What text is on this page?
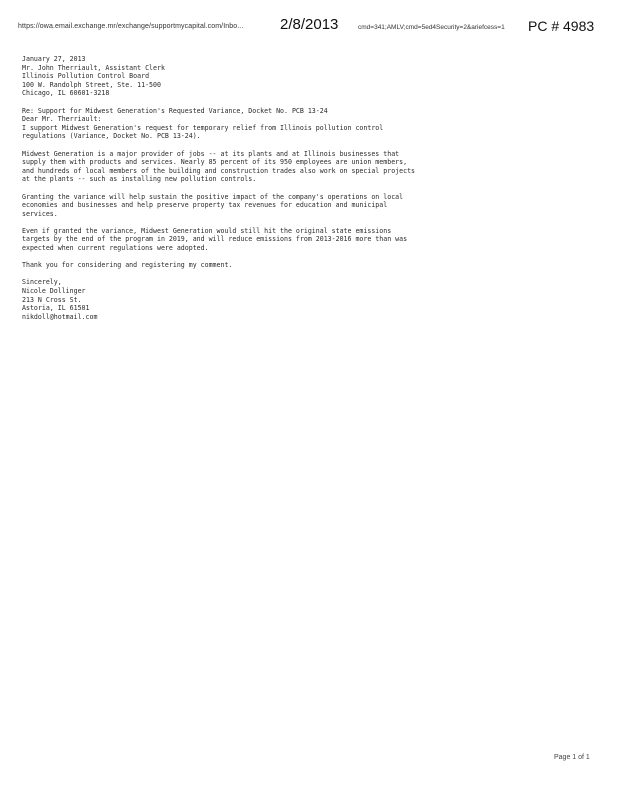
https://owa.email.exchange.mr/exchange/supportmycapital.com/Inbo... 2/8/2013	cmd=341;AMLV;cmd=5ed4Security=2&ariefcess=1 PC # 4983

January 27, 2013

Mr. John Therriault, Assistant Clerk
Illinois Pollution Control Board
100 W. Randolph Street, Ste. 11-500
Chicago, IL 60601-3218

Re: Support for Midwest Generation's Requested Variance, Docket No. PCB 13-24

Dear Mr. Therriault:

I support Midwest Generation's request for temporary relief from Illinois pollution control
regulations (Variance, Docket No. PCB 13-24).
Midwest Generation is a major provider of jobs -- at its plants and at Illinois businesses that
supply them with products and services. Nearly 85 percent of its 950 employees are union members,
and hundreds of local members of the building and construction trades also work on special projects
at the plants -- such as installing new pollution controls.
Granting the variance will help sustain the positive impact of the company's operations on local
economies and businesses and help preserve property tax revenues for education and municipal
services.
Even if granted the variance, Midwest Generation would still hit the original state emissions
targets by the end of the program in 2019, and will reduce emissions from 2013-2016 more than was
expected when current regulations were adopted.
Thank you for considering and registering my comment.

Sincerely,

Nicole Dollinger
213 N Cross St.
Astoria, IL 61501
nikdoll@hotmail.com
Page 1 of 1
